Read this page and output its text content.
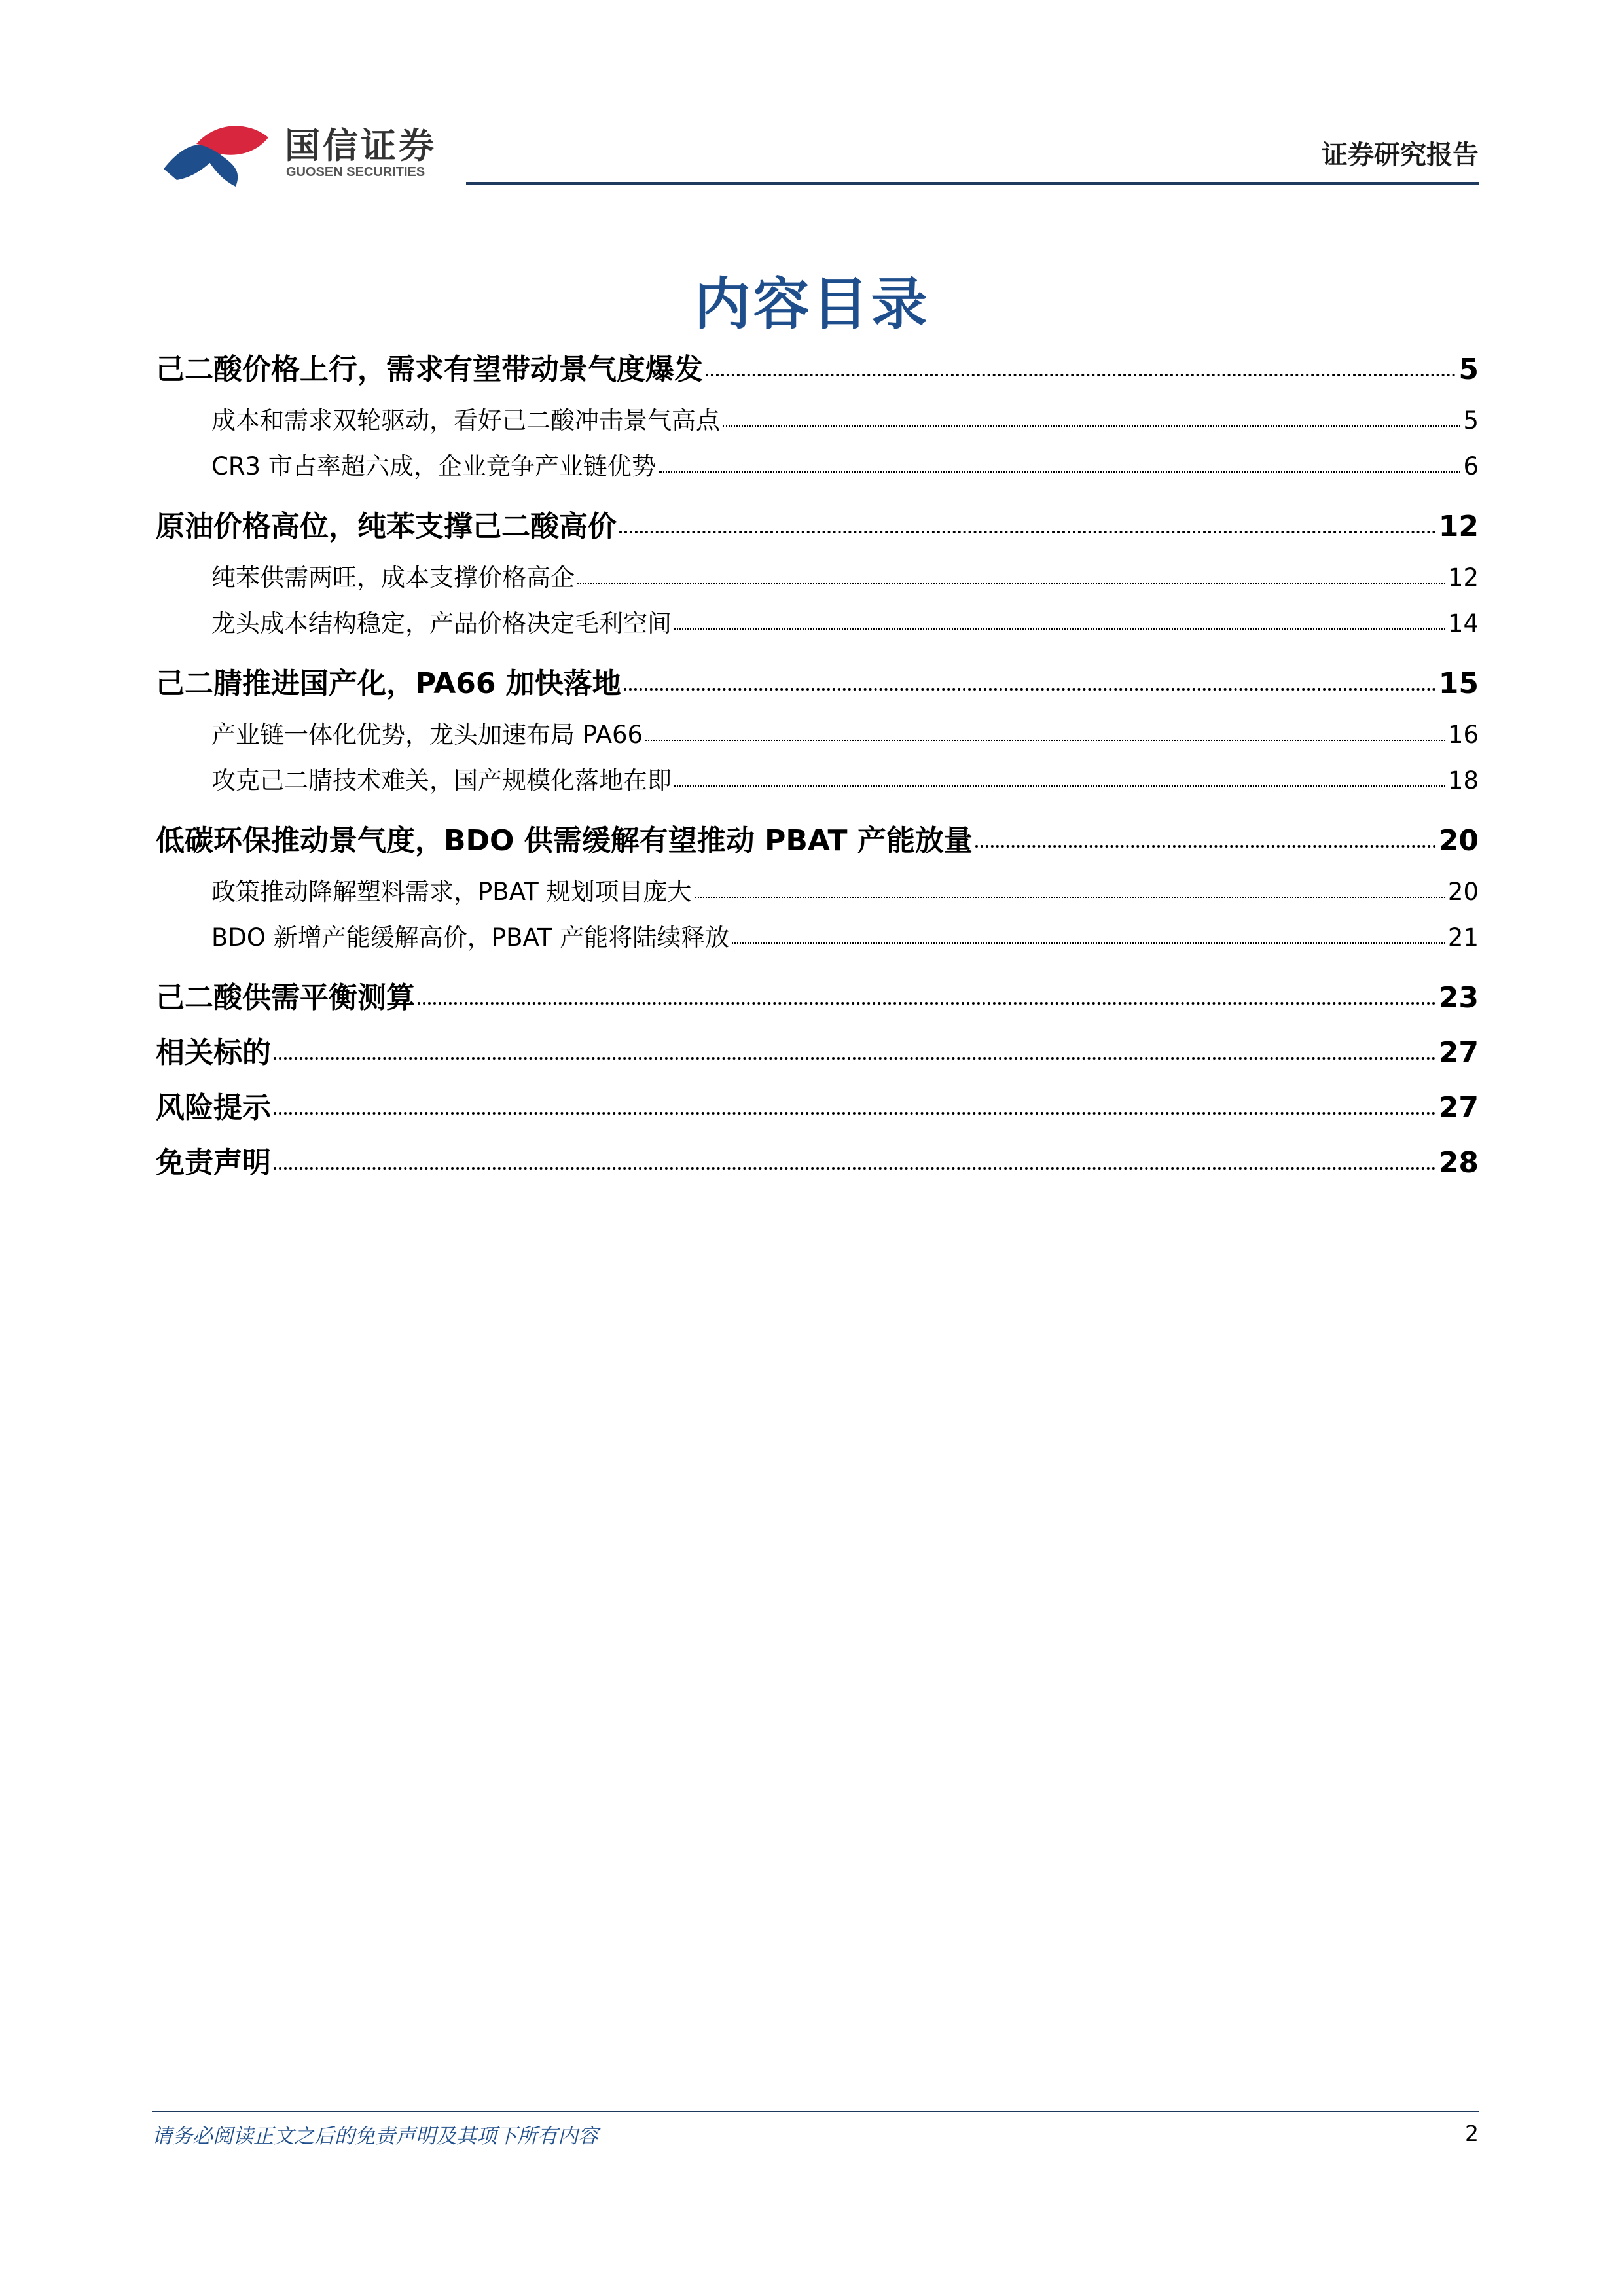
国信证券
GUOSEN SECURITIES
证券研究报告
内容目录
己二酸价格上行，需求有望带动景气度爆发	5
成本和需求双轮驱动，看好己二酸冲击景气高点	5
CR3 市占率超六成，企业竞争产业链优势	6
原油价格高位，纯苯支撑己二酸高价	12
纯苯供需两旺，成本支撑价格高企	12
龙头成本结构稳定，产品价格决定毛利空间	14
己二腈推进国产化，PA66 加快落地	15
产业链一体化优势，龙头加速布局 PA66	16
攻克己二腈技术难关，国产规模化落地在即	18
低碳环保推动景气度，BDO 供需缓解有望推动 PBAT 产能放量	20
政策推动降解塑料需求，PBAT 规划项目庞大	20
BDO 新增产能缓解高价，PBAT 产能将陆续释放	21
己二酸供需平衡测算	23
相关标的	27
风险提示	27
免责声明	28
请务必阅读正文之后的免责声明及其项下所有内容	2
